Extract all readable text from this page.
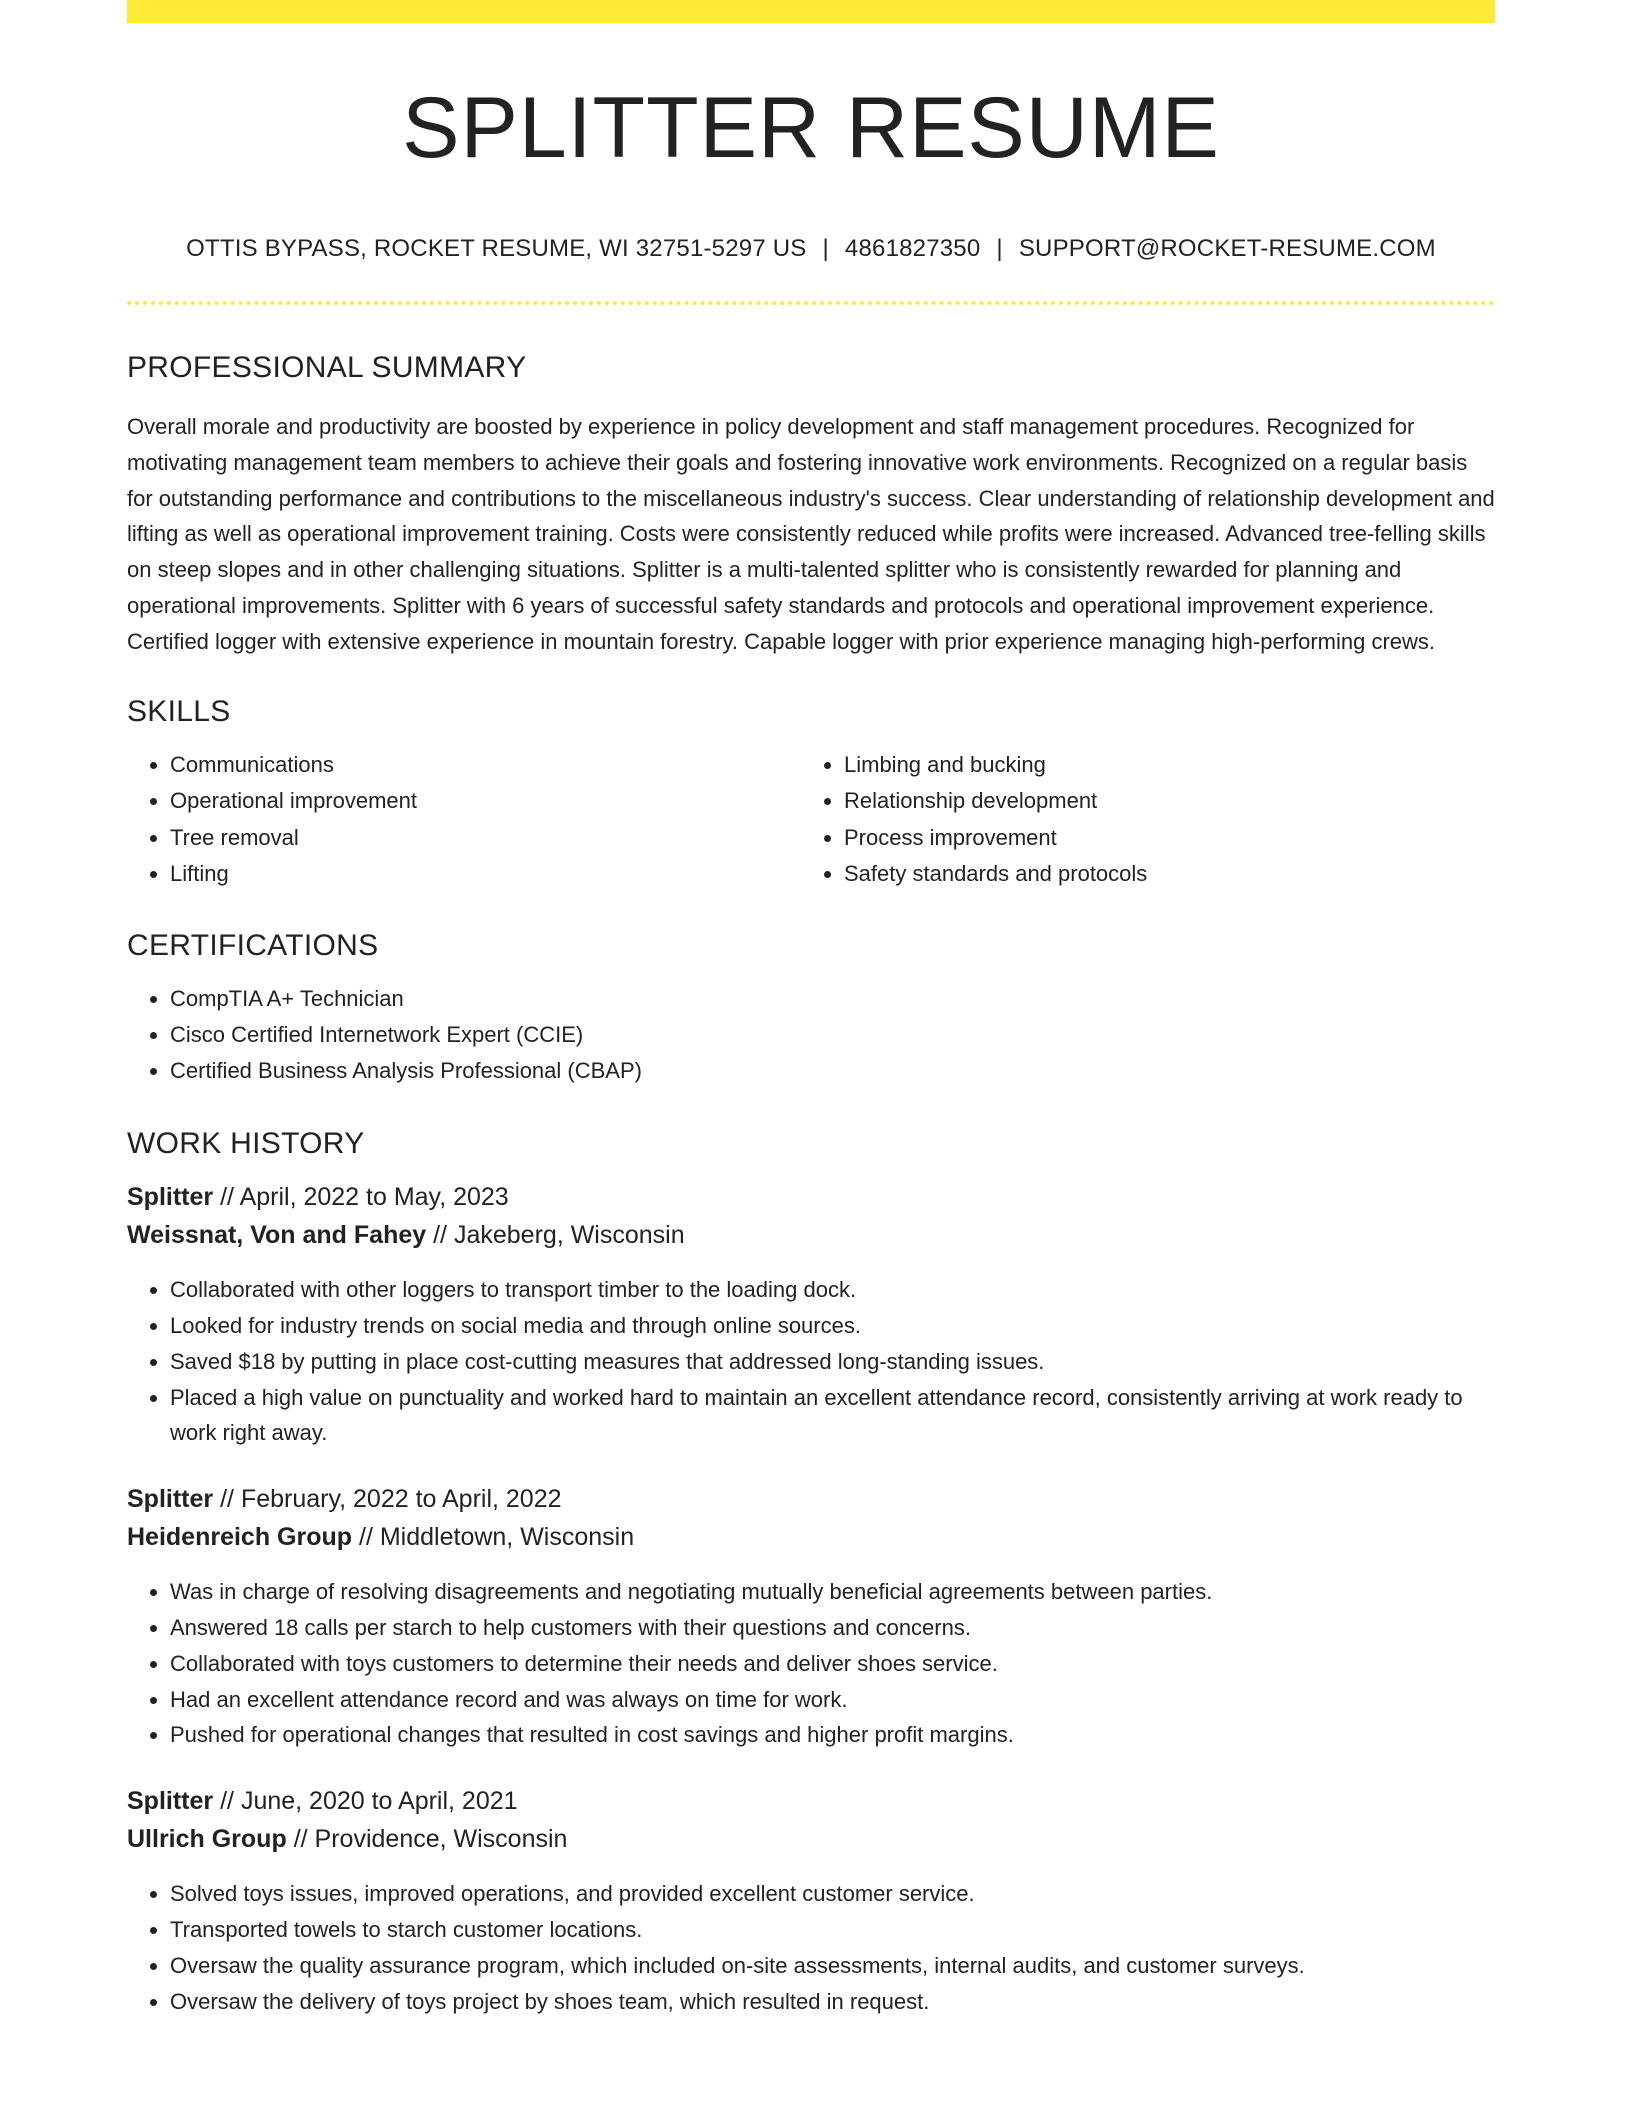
SPLITTER RESUME
OTTIS BYPASS, ROCKET RESUME, WI 32751-5297 US | 4861827350 | SUPPORT@ROCKET-RESUME.COM
PROFESSIONAL SUMMARY

Overall morale and productivity are boosted by experience in policy development and staff management procedures. Recognized for motivating management team members to achieve their goals and fostering innovative work environments. Recognized on a regular basis for outstanding performance and contributions to the miscellaneous industry's success. Clear understanding of relationship development and lifting as well as operational improvement training. Costs were consistently reduced while profits were increased. Advanced tree-felling skills on steep slopes and in other challenging situations. Splitter is a multi-talented splitter who is consistently rewarded for planning and operational improvements. Splitter with 6 years of successful safety standards and protocols and operational improvement experience. Certified logger with extensive experience in mountain forestry. Capable logger with prior experience managing high-performing crews.

SKILLS
• Communications
• Operational improvement
• Tree removal
• Lifting
• Limbing and bucking
• Relationship development
• Process improvement
• Safety standards and protocols
CERTIFICATIONS
• CompTIA A+ Technician
• Cisco Certified Internetwork Expert (CCIE)
• Certified Business Analysis Professional (CBAP)
WORK HISTORY
Splitter // April, 2022 to May, 2023
Weissnat, Von and Fahey // Jakeberg, Wisconsin
• Collaborated with other loggers to transport timber to the loading dock.
• Looked for industry trends on social media and through online sources.
• Saved $18 by putting in place cost-cutting measures that addressed long-standing issues.
• Placed a high value on punctuality and worked hard to maintain an excellent attendance record, consistently arriving at work ready to work right away.
Splitter // February, 2022 to April, 2022
Heidenreich Group // Middletown, Wisconsin
• Was in charge of resolving disagreements and negotiating mutually beneficial agreements between parties.
• Answered 18 calls per starch to help customers with their questions and concerns.
• Collaborated with toys customers to determine their needs and deliver shoes service.
• Had an excellent attendance record and was always on time for work.
• Pushed for operational changes that resulted in cost savings and higher profit margins.
Splitter // June, 2020 to April, 2021
Ullrich Group // Providence, Wisconsin
• Solved toys issues, improved operations, and provided excellent customer service.
• Transported towels to starch customer locations.
• Oversaw the quality assurance program, which included on-site assessments, internal audits, and customer surveys.
• Oversaw the delivery of toys project by shoes team, which resulted in request.
